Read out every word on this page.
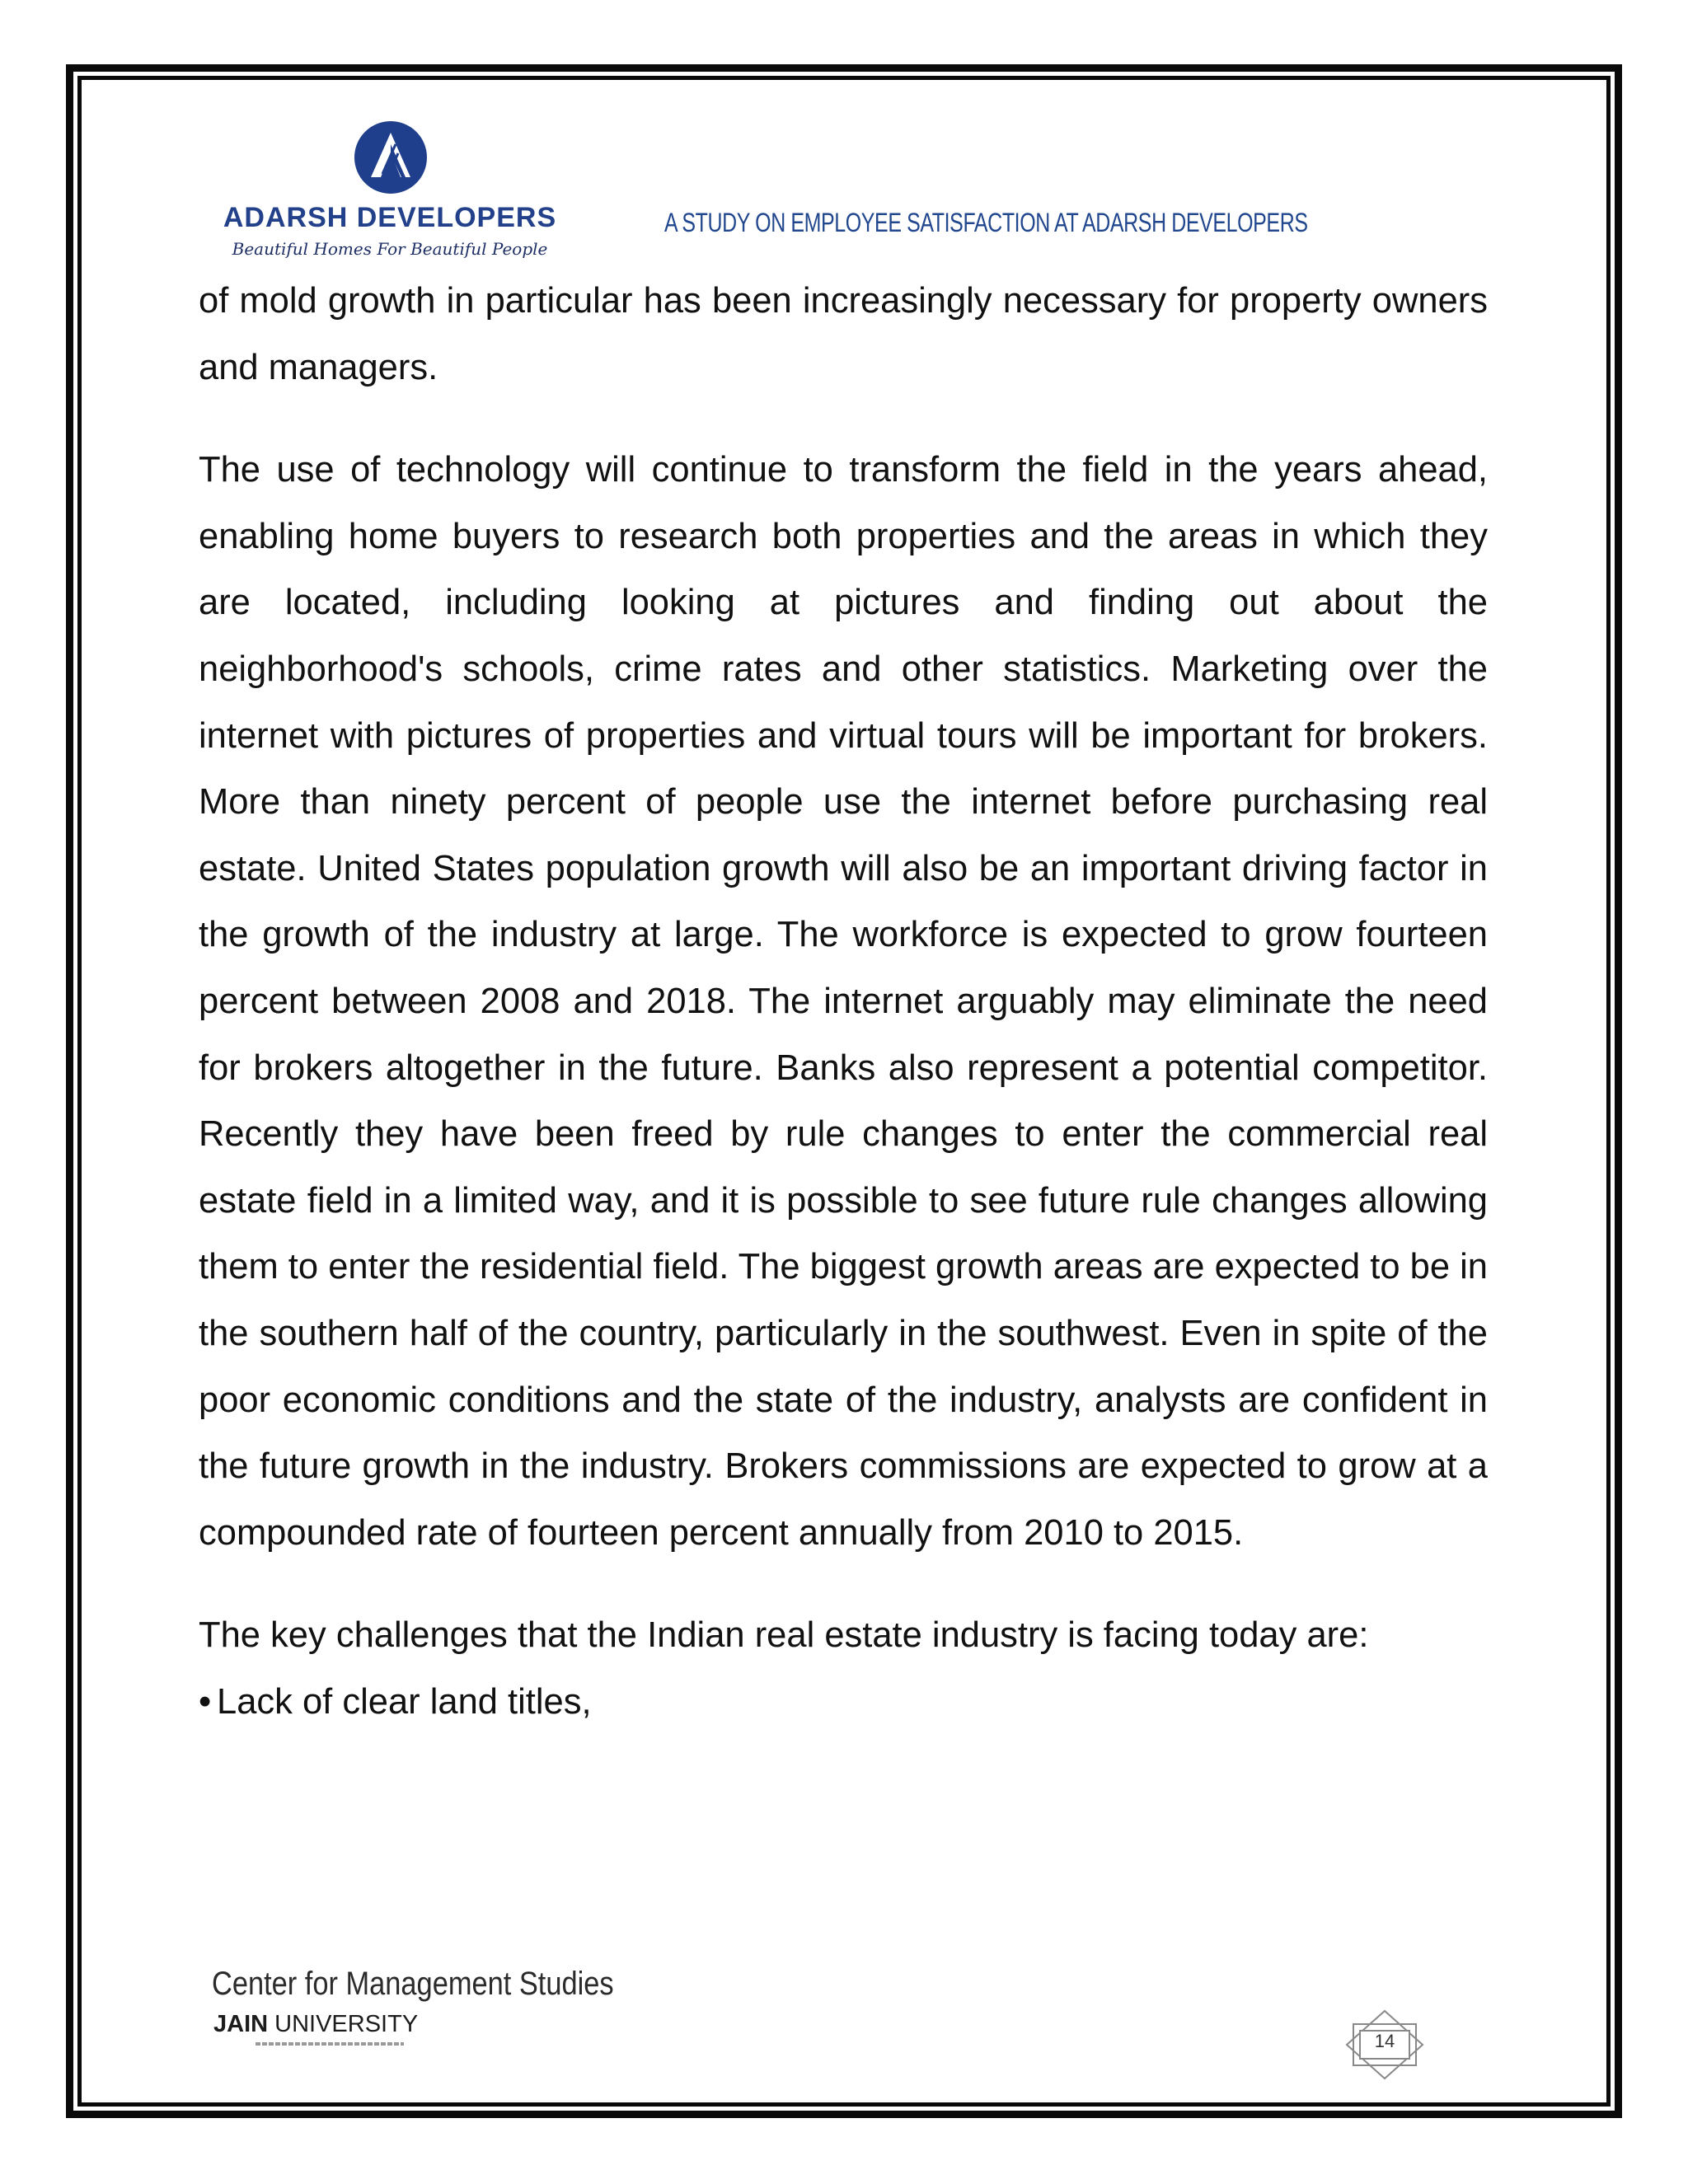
ADARSH DEVELOPERS
Beautiful Homes For Beautiful People
A STUDY ON EMPLOYEE SATISFACTION AT ADARSH DEVELOPERS

of mold growth in particular has been increasingly necessary for property owners and managers.

The use of technology will continue to transform the field in the years ahead, enabling home buyers to research both properties and the areas in which they are located, including looking at pictures and finding out about the neighborhood's schools, crime rates and other statistics. Marketing over the internet with pictures of properties and virtual tours will be important for brokers. More than ninety percent of people use the internet before purchasing real estate. United States population growth will also be an important driving factor in the growth of the industry at large. The workforce is expected to grow fourteen percent between 2008 and 2018. The internet arguably may eliminate the need for brokers altogether in the future. Banks also represent a potential competitor. Recently they have been freed by rule changes to enter the commercial real estate field in a limited way, and it is possible to see future rule changes allowing them to enter the residential field. The biggest growth areas are expected to be in the southern half of the country, particularly in the southwest. Even in spite of the poor economic conditions and the state of the industry, analysts are confident in the future growth in the industry. Brokers commissions are expected to grow at a compounded rate of fourteen percent annually from 2010 to 2015.

The key challenges that the Indian real estate industry is facing today are:

• Lack of clear land titles,

Center for Management Studies
JAIN UNIVERSITY
14
